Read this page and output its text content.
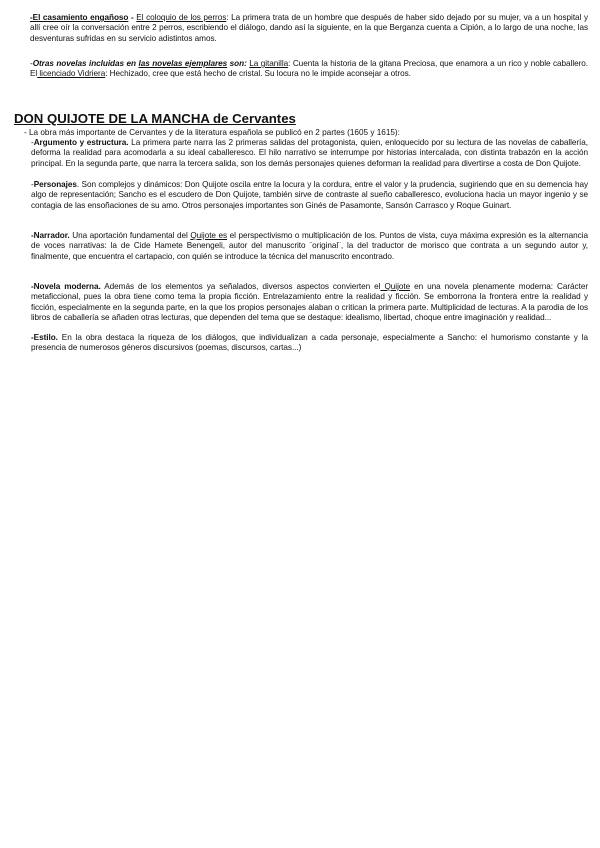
-El casamiento engañoso - El coloquio de los perros: La primera trata de un hombre que después de haber sido dejado por su mujer, va a un hospital y allí cree oír la conversación entre 2 perros, escribiendo el diálogo, dando así la siguiente, en la que Berganza cuenta a Cipión, a lo largo de una noche, las desventuras sufridas en su servicio adistintos amos.

-Otras novelas incluidas en las novelas ejemplares son: La gitanilla: Cuenta la historia de la gitana Preciosa, que enamora a un rico y noble caballero. El licenciado Vidriera: Hechizado, cree que está hecho de cristal. Su locura no le impide aconsejar a otros.

DON QUIJOTE DE LA MANCHA de Cervantes
- La obra más importante de Cervantes y de la literatura española se publicó en 2 partes (1605 y 1615):

-Argumento y estructura. La primera parte narra las 2 primeras salidas del protagonista, quien, enloquecido por su lectura de las novelas de caballería, deforma la realidad para acomodarla a su ideal caballeresco. El hilo narrativo se interrumpe por historias intercalada, con distinta trabazón en la acción principal. En la segunda parte, que narra la tercera salida, son los demás personajes quienes deforman la realidad para divertirse a costa de Don Quijote.

-Personajes. Son complejos y dinámicos: Don Quijote oscila entre la locura y la cordura, entre el valor y la prudencia, sugiriendo que en su demencia hay algo de representación; Sancho es el escudero de Don Quijote, también sirve de contraste al sueño caballeresco, evoluciona hacia un mayor ingenio y se contagia de las ensoñaciones de su amo. Otros personajes importantes son Ginés de Pasamonte, Sansón Carrasco y Roque Guinart.

-Narrador. Una aportación fundamental del Quijote es el perspectivismo o multiplicación de los. Puntos de vista, cuya máxima expresión es la alternancia de voces narrativas: la de Cide Hamete Benengeli, autor del manuscrito ¨original¨, la del traductor de morisco que contrata a un segundo autor y, finalmente, que encuentra el cartapacio, con quién se introduce la técnica del manuscrito encontrado.

-Novela moderna. Además de los elementos ya señalados, diversos aspectos convierten el Quijote en una novela plenamente moderna: Carácter metaficcional, pues la obra tiene como tema la propia ficción. Entrelazamiento entre la realidad y ficción. Se emborrona la frontera entre la realidad y ficción, especialmente en la segunda parte, en la que los propios personajes alaban o critican la primera parte. Multiplicidad de lecturas. A la parodia de los libros de caballería se añaden otras lecturas, que dependen del tema que se destaque: idealismo, libertad, choque entre imaginación y realidad...

-Estilo. En la obra destaca la riqueza de los diálogos, que individualizan a cada personaje, especialmente a Sancho: el humorismo constante y la presencia de numerosos géneros discursivos (poemas, discursos, cartas...)
